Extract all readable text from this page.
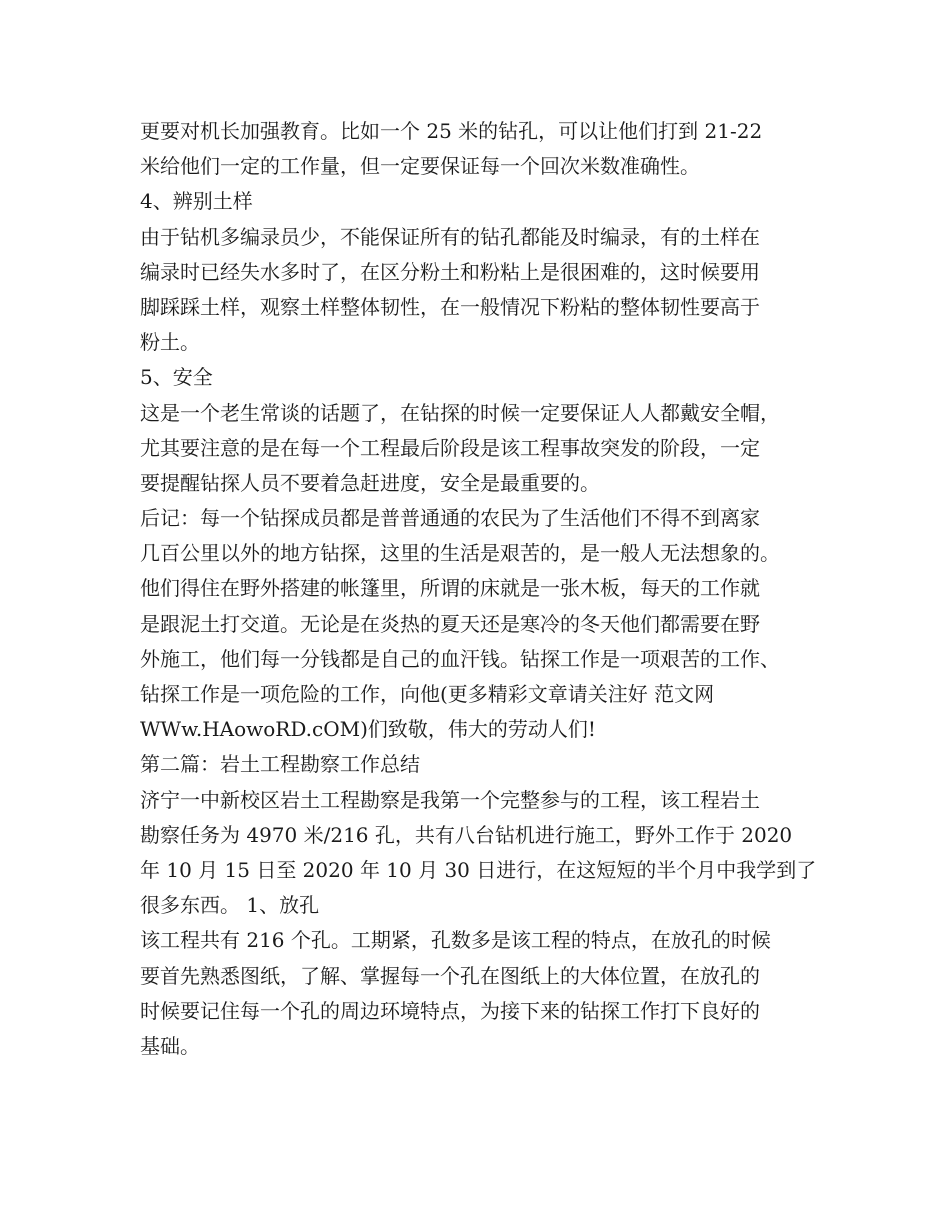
更要对机长加强教育。比如一个 25 米的钻孔，可以让他们打到 21-22
米给他们一定的工作量，但一定要保证每一个回次米数准确性。
4、辨别土样
由于钻机多编录员少，不能保证所有的钻孔都能及时编录，有的土样在
编录时已经失水多时了，在区分粉土和粉粘上是很困难的，这时候要用
脚踩踩土样，观察土样整体韧性，在一般情况下粉粘的整体韧性要高于
粉土。
5、安全
这是一个老生常谈的话题了，在钻探的时候一定要保证人人都戴安全帽，
尤其要注意的是在每一个工程最后阶段是该工程事故突发的阶段，一定
要提醒钻探人员不要着急赶进度，安全是最重要的。
后记：每一个钻探成员都是普普通通的农民为了生活他们不得不到离家
几百公里以外的地方钻探，这里的生活是艰苦的，是一般人无法想象的。
他们得住在野外搭建的帐篷里，所谓的床就是一张木板，每天的工作就
是跟泥土打交道。无论是在炎热的夏天还是寒冷的冬天他们都需要在野
外施工，他们每一分钱都是自己的血汗钱。钻探工作是一项艰苦的工作、
钻探工作是一项危险的工作，向他(更多精彩文章请关注好 范文网
WWw.HAowoRD.cOM)们致敬，伟大的劳动人们!
第二篇：岩土工程勘察工作总结
济宁一中新校区岩土工程勘察是我第一个完整参与的工程，该工程岩土
勘察任务为 4970 米/216 孔，共有八台钻机进行施工，野外工作于 2020
年 10 月 15 日至 2020 年 10 月 30 日进行，在这短短的半个月中我学到了
很多东西。 1、放孔
该工程共有 216 个孔。工期紧，孔数多是该工程的特点，在放孔的时候
要首先熟悉图纸，了解、掌握每一个孔在图纸上的大体位置，在放孔的
时候要记住每一个孔的周边环境特点，为接下来的钻探工作打下良好的
基础。
